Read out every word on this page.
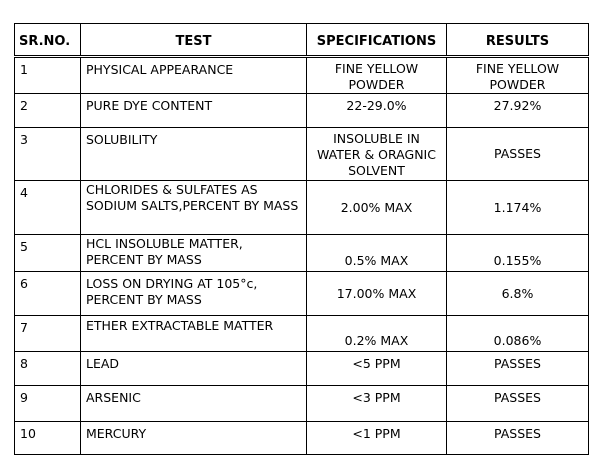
SR.NO.	TEST	SPECIFICATIONS	RESULTS
1	PHYSICAL APPEARANCE	FINE YELLOW POWDER	FINE YELLOW POWDER
2	PURE DYE CONTENT	22-29.0%	27.92%
3	SOLUBILITY	INSOLUBLE IN WATER & ORAGNIC SOLVENT	PASSES
4	CHLORIDES & SULFATES AS SODIUM SALTS,PERCENT BY MASS	2.00% MAX	1.174%
5	HCL INSOLUBLE MATTER, PERCENT BY MASS	0.5% MAX	0.155%
6	LOSS ON DRYING AT 105°c, PERCENT BY MASS	17.00% MAX	6.8%
7	ETHER EXTRACTABLE MATTER	0.2% MAX	0.086%
8	LEAD	<5 PPM	PASSES
9	ARSENIC	<3 PPM	PASSES
10	MERCURY	<1 PPM	PASSES
